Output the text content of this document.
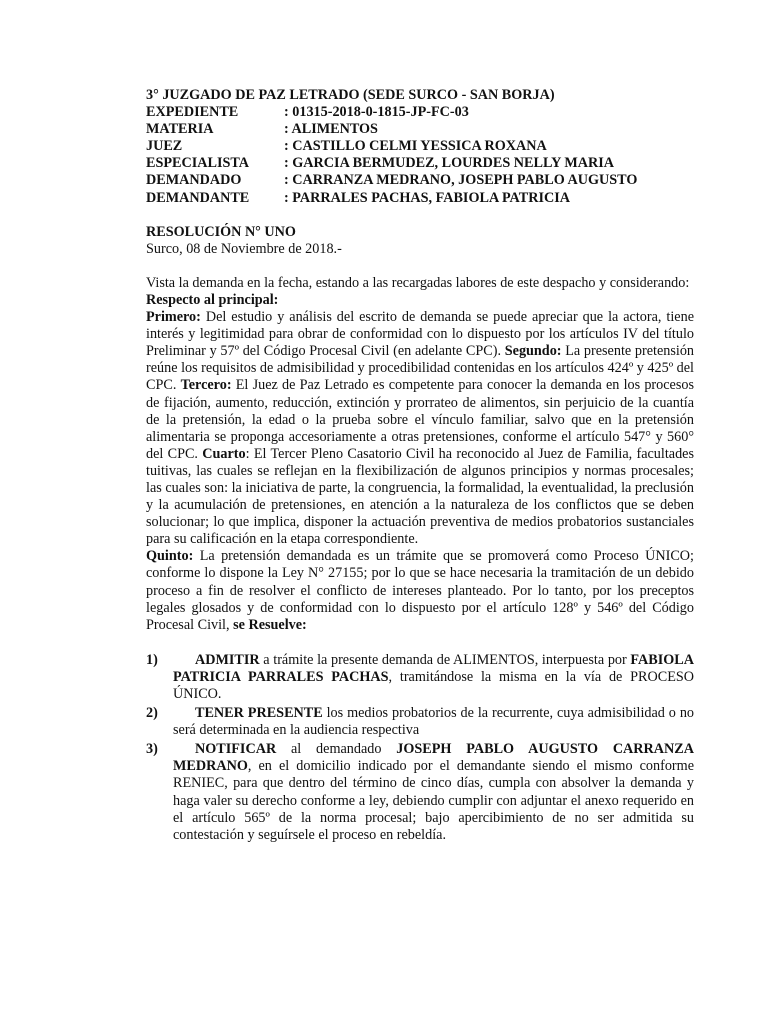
3° JUZGADO DE PAZ LETRADO (SEDE SURCO - SAN BORJA)
EXPEDIENTE	: 01315-2018-0-1815-JP-FC-03
MATERIA	: ALIMENTOS
JUEZ	: CASTILLO CELMI YESSICA ROXANA
ESPECIALISTA	: GARCIA BERMUDEZ, LOURDES NELLY MARIA
DEMANDADO	: CARRANZA MEDRANO, JOSEPH PABLO AUGUSTO
DEMANDANTE	: PARRALES PACHAS, FABIOLA PATRICIA
RESOLUCIÓN N° UNO
Surco, 08 de Noviembre de 2018.-
Vista la demanda en la fecha, estando a las recargadas labores de este despacho y considerando:
Respecto al principal:
Primero: Del estudio y análisis del escrito de demanda se puede apreciar que la actora, tiene interés y legitimidad para obrar de conformidad con lo dispuesto por los artículos IV del título Preliminar y 57º del Código Procesal Civil (en adelante CPC). Segundo: La presente pretensión reúne los requisitos de admisibilidad y procedibilidad contenidas en los artículos 424º y 425º del CPC. Tercero: El Juez de Paz Letrado es competente para conocer la demanda en los procesos de fijación, aumento, reducción, extinción y prorrateo de alimentos, sin perjuicio de la cuantía de la pretensión, la edad o la prueba sobre el vínculo familiar, salvo que en la pretensión alimentaria se proponga accesoriamente a otras pretensiones, conforme el artículo 547° y 560° del CPC. Cuarto: El Tercer Pleno Casatorio Civil ha reconocido al Juez de Familia, facultades tuitivas, las cuales se reflejan en la flexibilización de algunos principios y normas procesales; las cuales son: la iniciativa de parte, la congruencia, la formalidad, la eventualidad, la preclusión y la acumulación de pretensiones, en atención a la naturaleza de los conflictos que se deben solucionar; lo que implica, disponer la actuación preventiva de medios probatorios sustanciales para su calificación en la etapa correspondiente.
Quinto: La pretensión demandada es un trámite que se promoverá como Proceso ÚNICO; conforme lo dispone la Ley N° 27155; por lo que se hace necesaria la tramitación de un debido proceso a fin de resolver el conflicto de intereses planteado. Por lo tanto, por los preceptos legales glosados y de conformidad con lo dispuesto por el artículo 128º y 546º del Código Procesal Civil, se Resuelve:
1)	ADMITIR a trámite la presente demanda de ALIMENTOS, interpuesta por FABIOLA PATRICIA PARRALES PACHAS, tramitándose la misma en la vía de PROCESO ÚNICO.
2)	TENER PRESENTE los medios probatorios de la recurrente, cuya admisibilidad o no será determinada en la audiencia respectiva
3)	NOTIFICAR al demandado JOSEPH PABLO AUGUSTO CARRANZA MEDRANO, en el domicilio indicado por el demandante siendo el mismo conforme RENIEC, para que dentro del término de cinco días, cumpla con absolver la demanda y haga valer su derecho conforme a ley, debiendo cumplir con adjuntar el anexo requerido en el artículo 565º de la norma procesal; bajo apercibimiento de no ser admitida su contestación y seguírsele el proceso en rebeldía.
